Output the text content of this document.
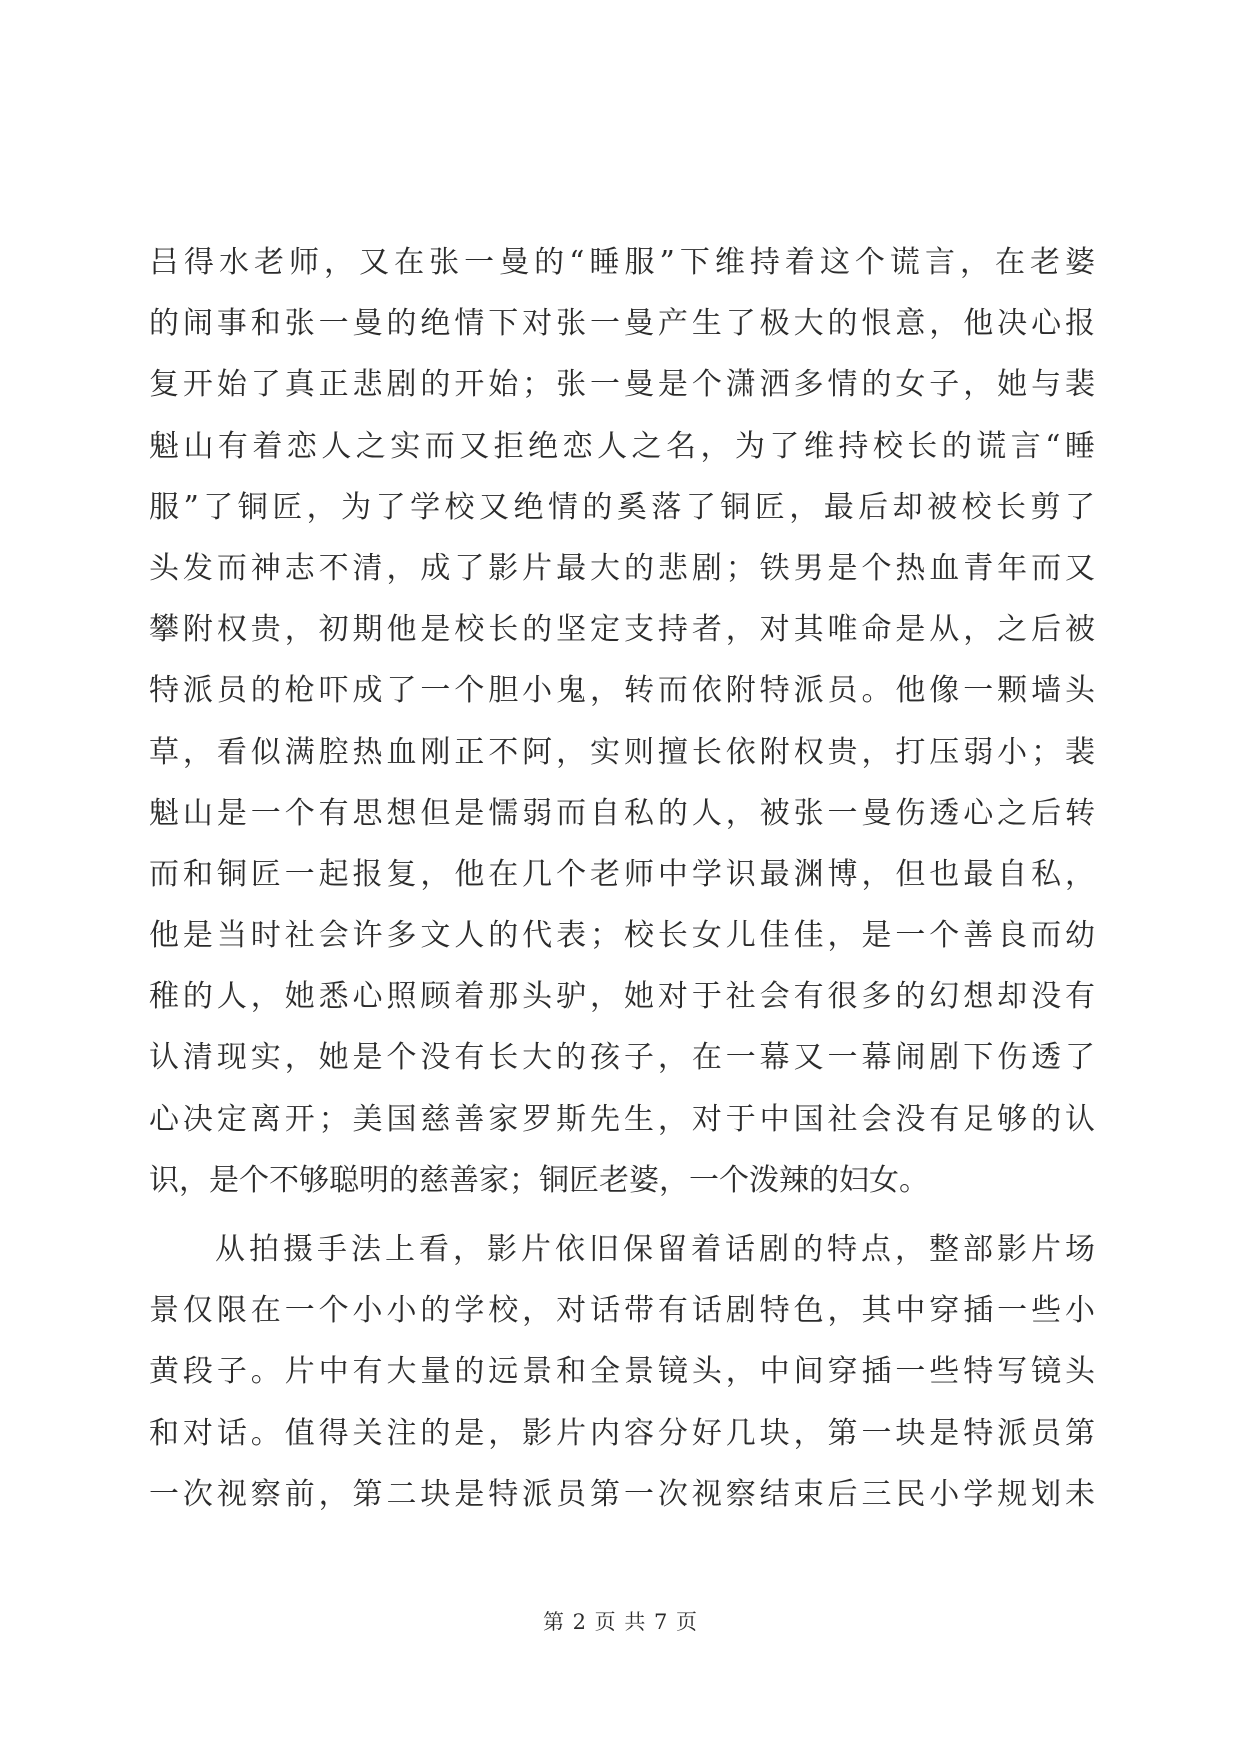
吕得水老师，又在张一曼的“睡服”下维持着这个谎言，在老婆
的闹事和张一曼的绝情下对张一曼产生了极大的恨意，他决心报
复开始了真正悲剧的开始；张一曼是个潇洒多情的女子，她与裴
魁山有着恋人之实而又拒绝恋人之名，为了维持校长的谎言“睡
服”了铜匠，为了学校又绝情的奚落了铜匠，最后却被校长剪了
头发而神志不清，成了影片最大的悲剧；铁男是个热血青年而又
攀附权贵，初期他是校长的坚定支持者，对其唯命是从，之后被
特派员的枪吓成了一个胆小鬼，转而依附特派员。他像一颗墙头
草，看似满腔热血刚正不阿，实则擅长依附权贵，打压弱小；裴
魁山是一个有思想但是懦弱而自私的人，被张一曼伤透心之后转
而和铜匠一起报复，他在几个老师中学识最渊博，但也最自私，
他是当时社会许多文人的代表；校长女儿佳佳，是一个善良而幼
稚的人，她悉心照顾着那头驴，她对于社会有很多的幻想却没有
认清现实，她是个没有长大的孩子，在一幕又一幕闹剧下伤透了
心决定离开；美国慈善家罗斯先生，对于中国社会没有足够的认
识，是个不够聪明的慈善家；铜匠老婆，一个泼辣的妇女。
从拍摄手法上看，影片依旧保留着话剧的特点，整部影片场
景仅限在一个小小的学校，对话带有话剧特色，其中穿插一些小
黄段子。片中有大量的远景和全景镜头，中间穿插一些特写镜头
和对话。值得关注的是，影片内容分好几块，第一块是特派员第
一次视察前，第二块是特派员第一次视察结束后三民小学规划未
第 2 页 共 7 页
